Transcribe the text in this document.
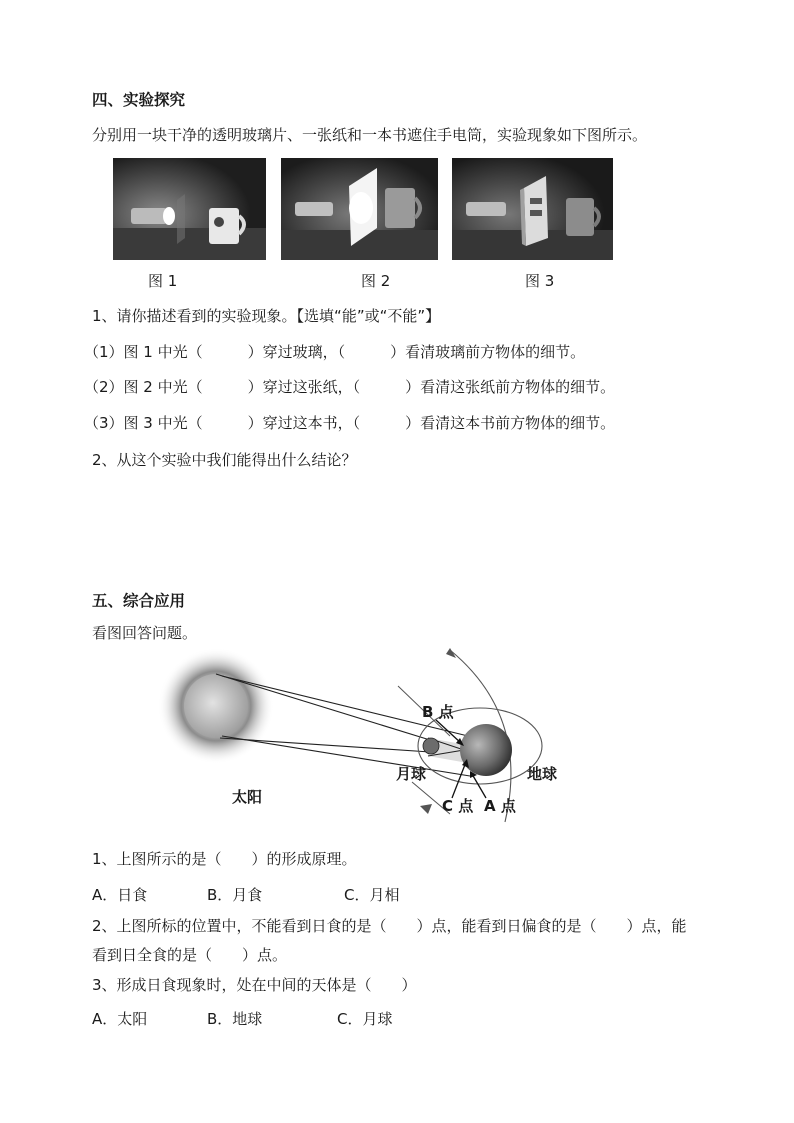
四、实验探究
分别用一块干净的透明玻璃片、一张纸和一本书遮住手电筒，实验现象如下图所示。
图 1	图 2	图 3
1、请你描述看到的实验现象。【选填“能”或“不能”】
（1）图 1 中光（　　　）穿过玻璃，（　　　）看清玻璃前方物体的细节。
（2）图 2 中光（　　　）穿过这张纸，（　　　）看清这张纸前方物体的细节。
（3）图 3 中光（　　　）穿过这本书，（　　　）看清这本书前方物体的细节。
2、从这个实验中我们能得出什么结论？
五、综合应用
看图回答问题。
太阳
月球	地球
B 点
C 点 A 点
1、上图所示的是（　　）的形成原理。
A．日食	B．月食	C．月相
2、上图所标的位置中，不能看到日食的是（　　）点，能看到日偏食的是（　　）点，能
看到日全食的是（　　）点。
3、形成日食现象时，处在中间的天体是（　　）
A．太阳	B．地球	C．月球
